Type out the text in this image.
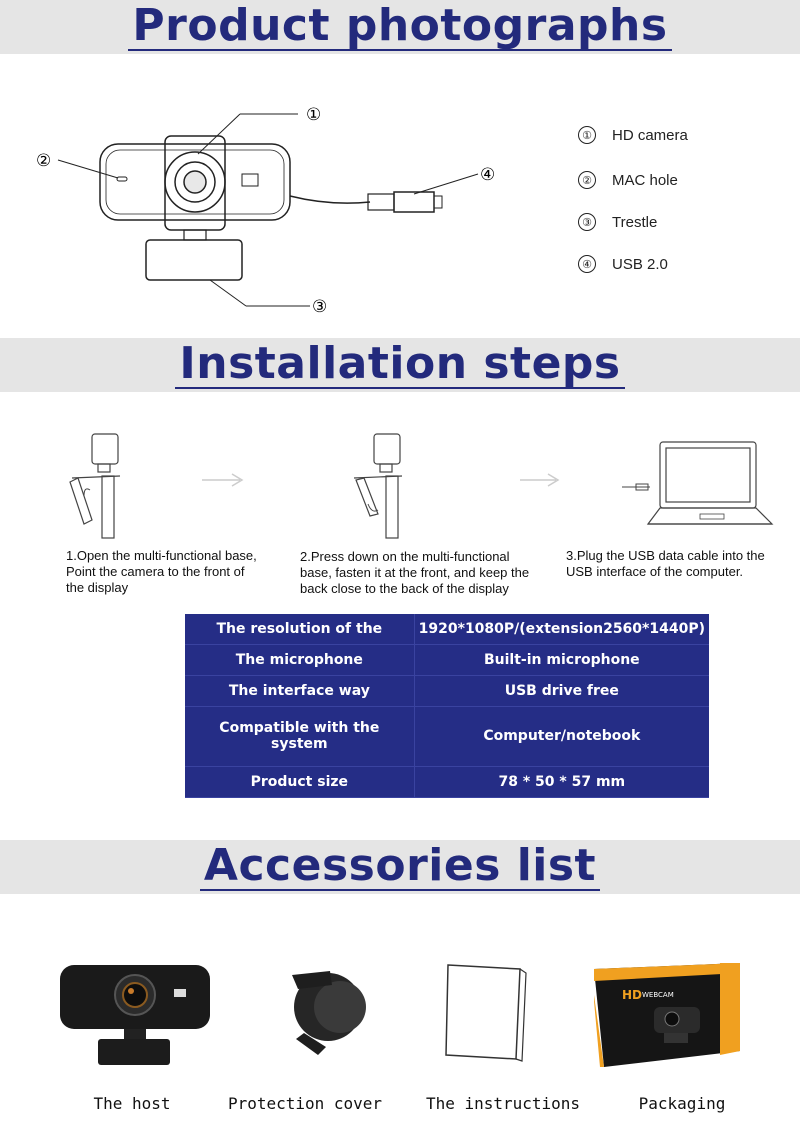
Product photographs
①
②
③
④
① HD camera
② MAC hole
③ Trestle
④ USB 2.0
Installation steps
1.Open the multi-functional base,
Point the camera to the front of
the display
2.Press down on the multi-functional
base, fasten it at the front, and keep the
back close to the back of the display
3.Plug the USB data cable into the
USB interface of the computer.
The resolution of the	1920*1080P/(extension2560*1440P)
The microphone	Built-in microphone
The interface way	USB drive free
Compatible with the system	Computer/notebook
Product size	78 * 50 * 57 mm
Accessories list
HD WEBCAM
The host	Protection cover	The instructions	Packaging
